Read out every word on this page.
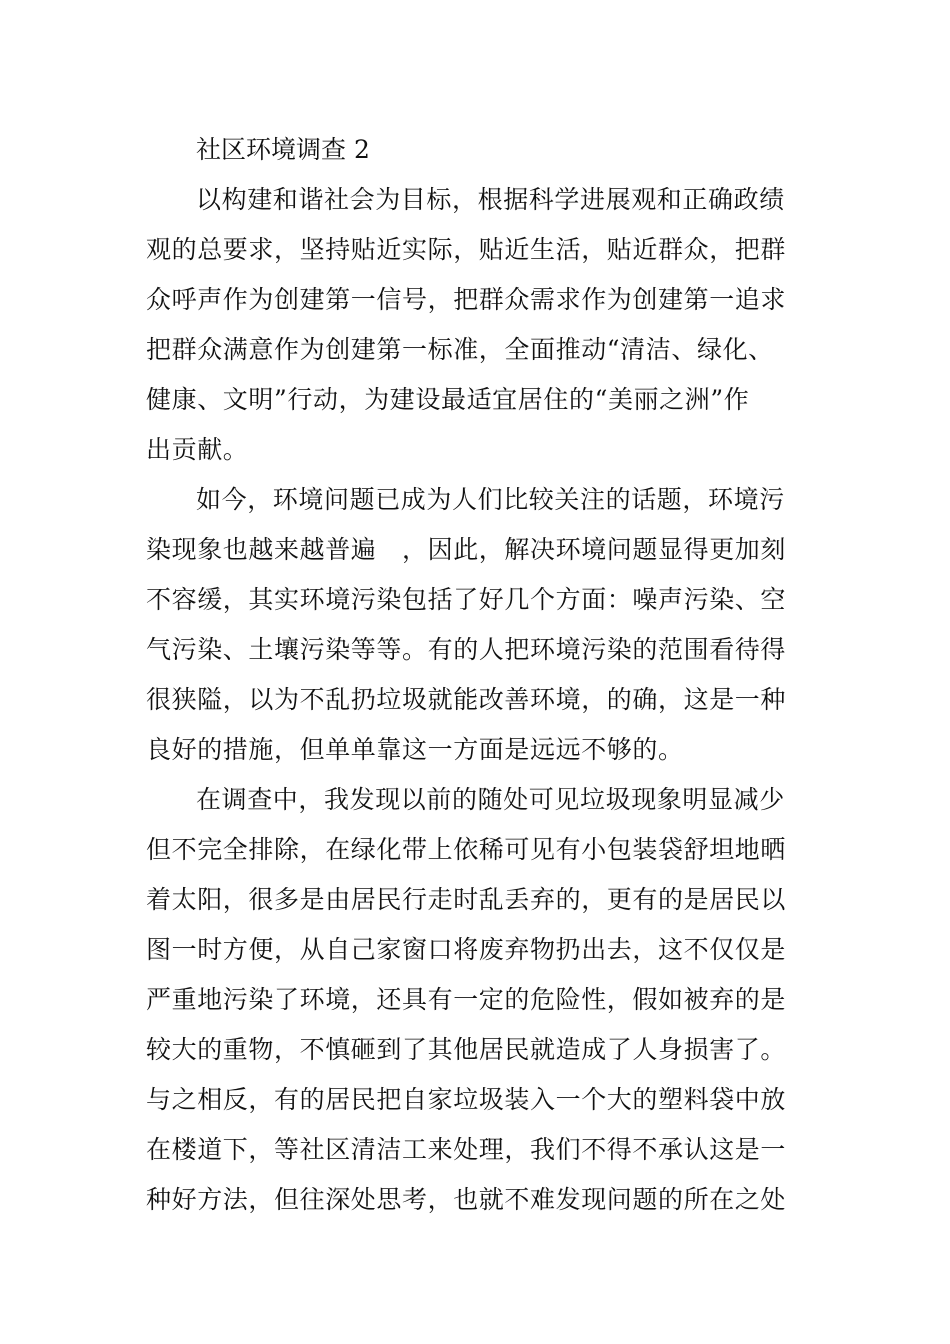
社区环境调查 2
以构建和谐社会为目标，根据科学进展观和正确政绩
观的总要求，坚持贴近实际，贴近生活，贴近群众，把群
众呼声作为创建第一信号，把群众需求作为创建第一追求
把群众满意作为创建第一标准，全面推动“清洁、绿化、
健康、文明”行动，为建设最适宜居住的“美丽之洲”作
出贡献。
如今，环境问题已成为人们比较关注的话题，环境污
染现象也越来越普遍　，因此，解决环境问题显得更加刻
不容缓，其实环境污染包括了好几个方面：噪声污染、空
气污染、土壤污染等等。有的人把环境污染的范围看待得
很狭隘，以为不乱扔垃圾就能改善环境，的确，这是一种
良好的措施，但单单靠这一方面是远远不够的。
在调查中，我发现以前的随处可见垃圾现象明显减少
但不完全排除，在绿化带上依稀可见有小包装袋舒坦地晒
着太阳，很多是由居民行走时乱丢弃的，更有的是居民以
图一时方便，从自己家窗口将废弃物扔出去，这不仅仅是
严重地污染了环境，还具有一定的危险性，假如被弃的是
较大的重物，不慎砸到了其他居民就造成了人身损害了。
与之相反，有的居民把自家垃圾装入一个大的塑料袋中放
在楼道下，等社区清洁工来处理，我们不得不承认这是一
种好方法，但往深处思考，也就不难发现问题的所在之处
